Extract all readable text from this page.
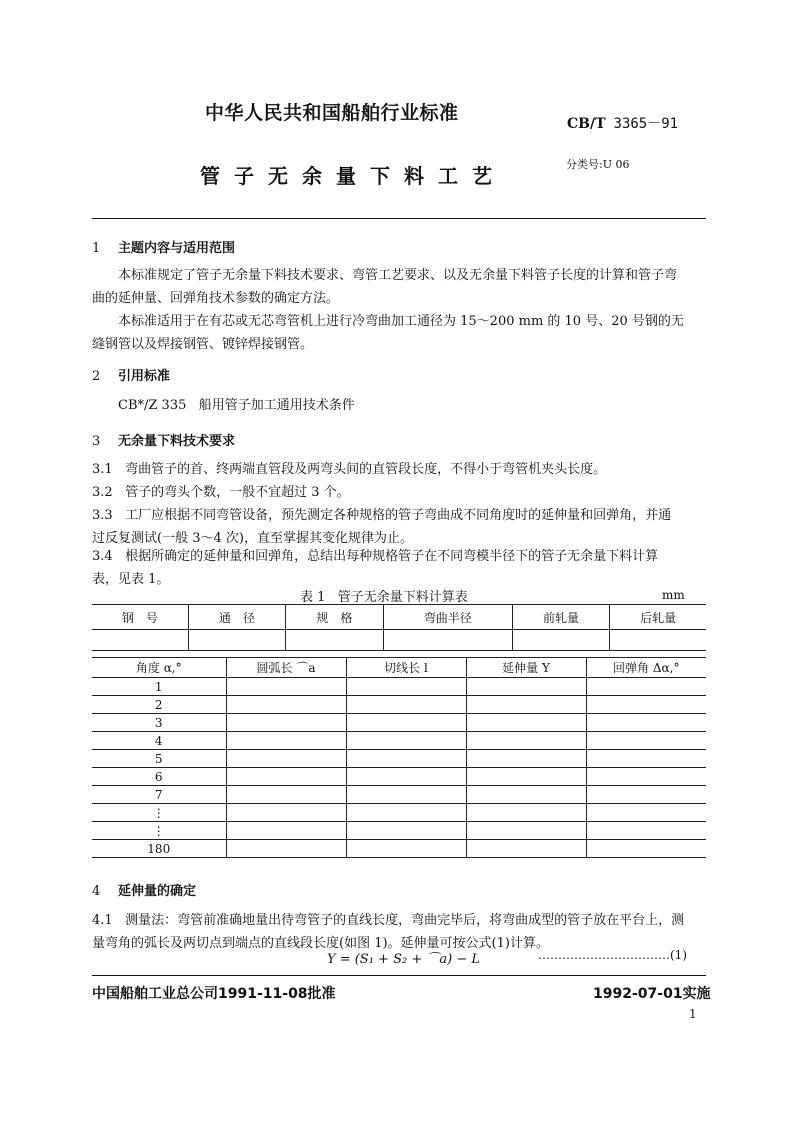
中华人民共和国船舶行业标准	CB/T 3365－91
管子无余量下料工艺	分类号:U 06
1 主题内容与适用范围
本标准规定了管子无余量下料技术要求、弯管工艺要求、以及无余量下料管子长度的计算和管子弯
曲的延伸量、回弹角技术参数的确定方法。
本标准适用于在有芯或无芯弯管机上进行冷弯曲加工通径为 15～200 mm 的 10 号、20 号钢的无
缝钢管以及焊接钢管、镀锌焊接钢管。
2 引用标准
CB*/Z 335   船用管子加工通用技术条件
3 无余量下料技术要求
3.1   弯曲管子的首、终两端直管段及两弯头间的直管段长度，不得小于弯管机夹头长度。
3.2   管子的弯头个数，一般不宜超过 3 个。
3.3   工厂应根据不同弯管设备，预先测定各种规格的管子弯曲成不同角度时的延伸量和回弹角，并通
过反复测试(一般 3～4 次)，直至掌握其变化规律为止。
3.4   根据所确定的延伸量和回弹角，总结出每种规格管子在不同弯模半径下的管子无余量下料计算
表，见表 1。
表 1   管子无余量下料计算表	mm
钢　号	通　径	规　格	弯曲半径	前轧量	后轧量

角度 α,°	圆弧长 ⌒a	切线长 l	延伸量 Y	回弹角 Δα,°
1				
2				
3				
4				
5				
6				
7				
⋮				
⋮				
180				
4 延伸量的确定
4.1   测量法：弯管前准确地量出待弯管子的直线长度，弯曲完毕后，将弯曲成型的管子放在平台上，测
量弯角的弧长及两切点到端点的直线段长度(如图 1)。延伸量可按公式(1)计算。
Y = (S₁ + S₂ + ⌒a) − L	……………………………(1)
中国船舶工业总公司1991-11-08批准	1992-07-01实施
1
